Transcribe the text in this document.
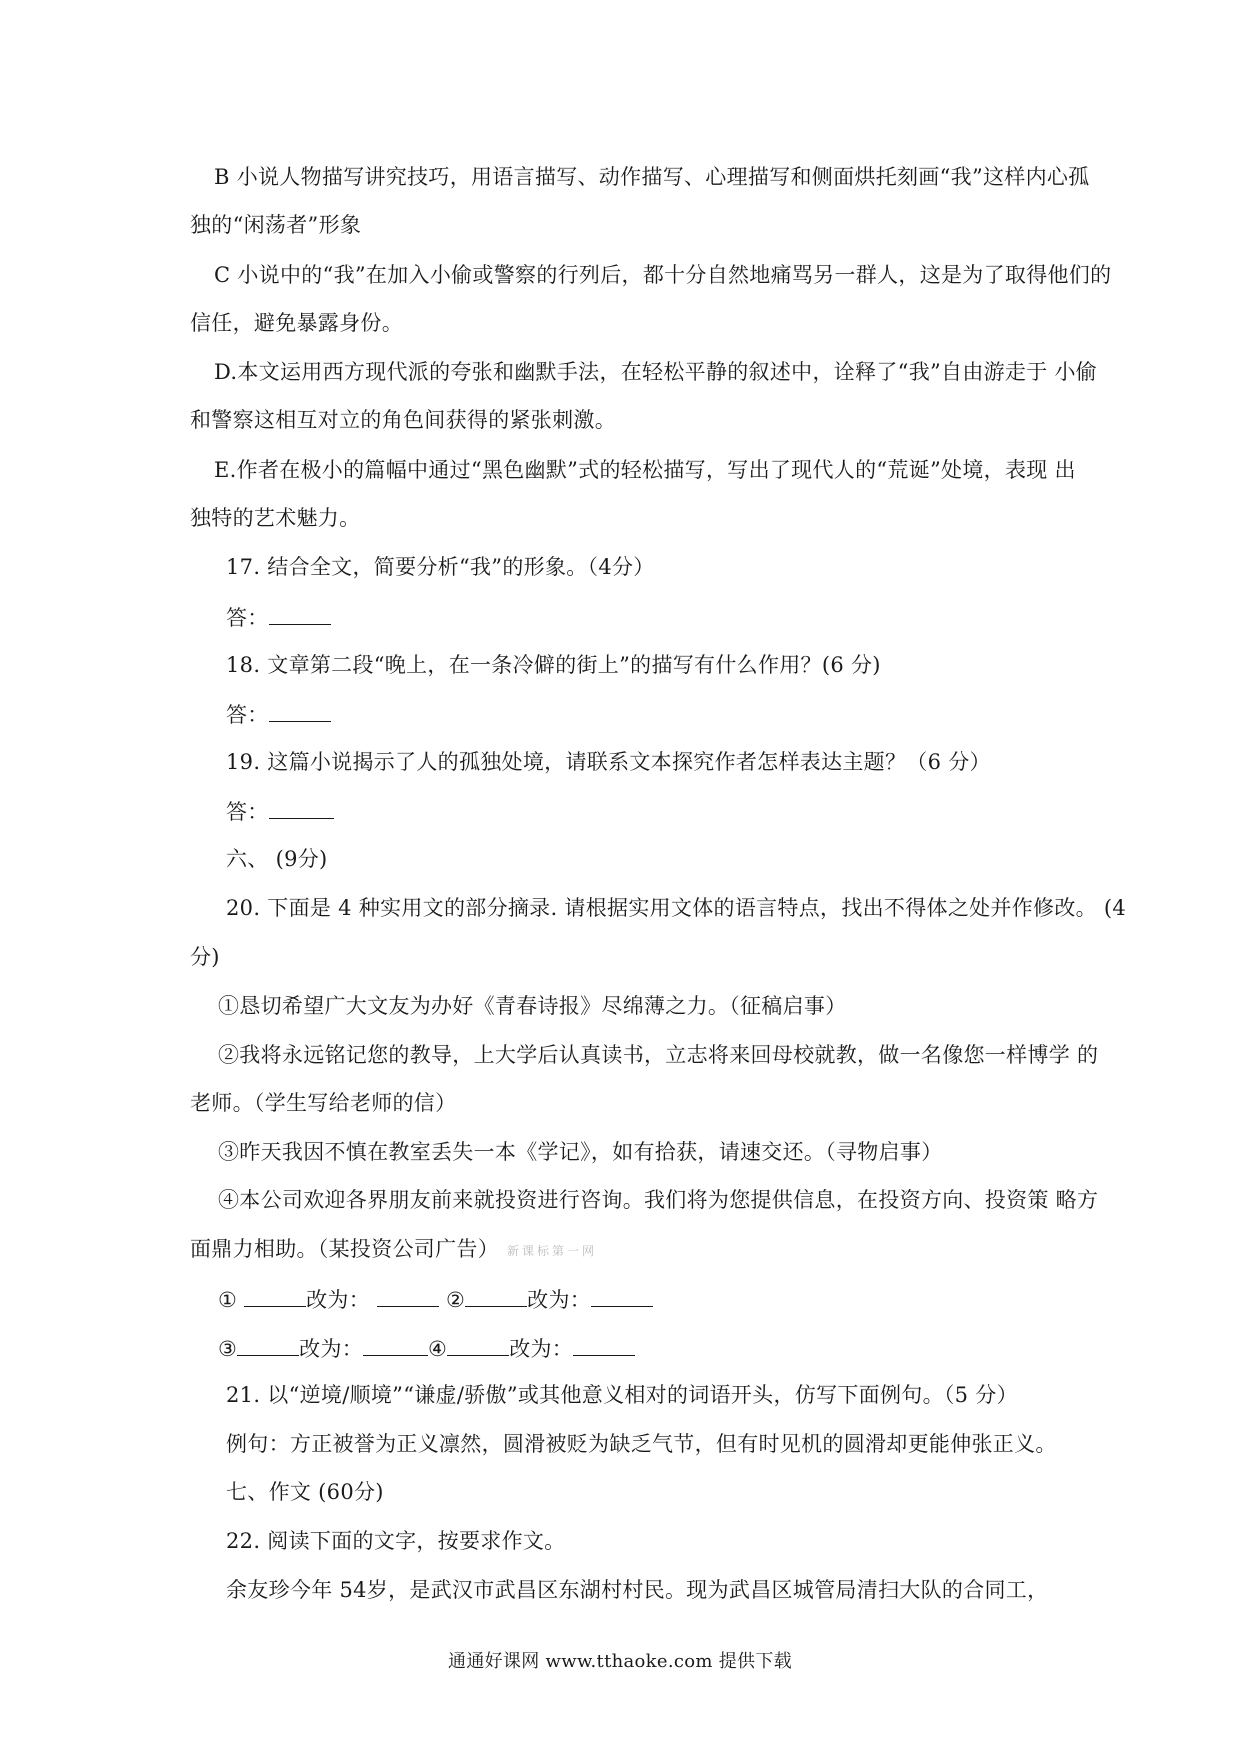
B 小说人物描写讲究技巧，用语言描写、动作描写、心理描写和侧面烘托刻画“我”这样内心孤
独的“闲荡者”形象
C 小说中的“我”在加入小偷或警察的行列后，都十分自然地痛骂另一群人，这是为了取得他们的
信任，避免暴露身份。
D.本文运用西方现代派的夸张和幽默手法，在轻松平静的叙述中，诠释了“我”自由游走于 小偷
和警察这相互对立的角色间获得的紧张刺激。
E.作者在极小的篇幅中通过“黑色幽默”式的轻松描写，写出了现代人的“荒诞”处境，表现 出
独特的艺术魅力。
17. 结合全文，简要分析“我”的形象。（4分）
答：
18. 文章第二段“晚上，在一条冷僻的街上”的描写有什么作用？(6 分)
答：
19. 这篇小说揭示了人的孤独处境，请联系文本探究作者怎样表达主题？（6 分）
答：
六、 (9分)
20. 下面是 4 种实用文的部分摘录. 请根据实用文体的语言特点，找出不得体之处并作修改。 (4
分)
①恳切希望广大文友为办好《青春诗报》尽绵薄之力。（征稿启事）
②我将永远铭记您的教导，上大学后认真读书，立志将来回母校就教，做一名像您一样博学 的
老师。（学生写给老师的信）
③昨天我因不慎在教室丢失一本《学记》，如有拾获，请速交还。（寻物启事）
④本公司欢迎各界朋友前来就投资进行咨询。我们将为您提供信息，在投资方向、投资策 略方
面鼎力相助。（某投资公司广告） 新课标第一网
①	改为：	②	改为：
③	改为：	④	改为：
21. 以“逆境/顺境”“谦虚/骄傲”或其他意义相对的词语开头，仿写下面例句。（5 分）
例句：方正被誉为正义凛然，圆滑被贬为缺乏气节，但有时见机的圆滑却更能伸张正义。
七、作文 (60分)
22. 阅读下面的文字，按要求作文。
余友珍今年 54岁，是武汉市武昌区东湖村村民。现为武昌区城管局清扫大队的合同工，
通通好课网 www.tthaoke.com 提供下载
